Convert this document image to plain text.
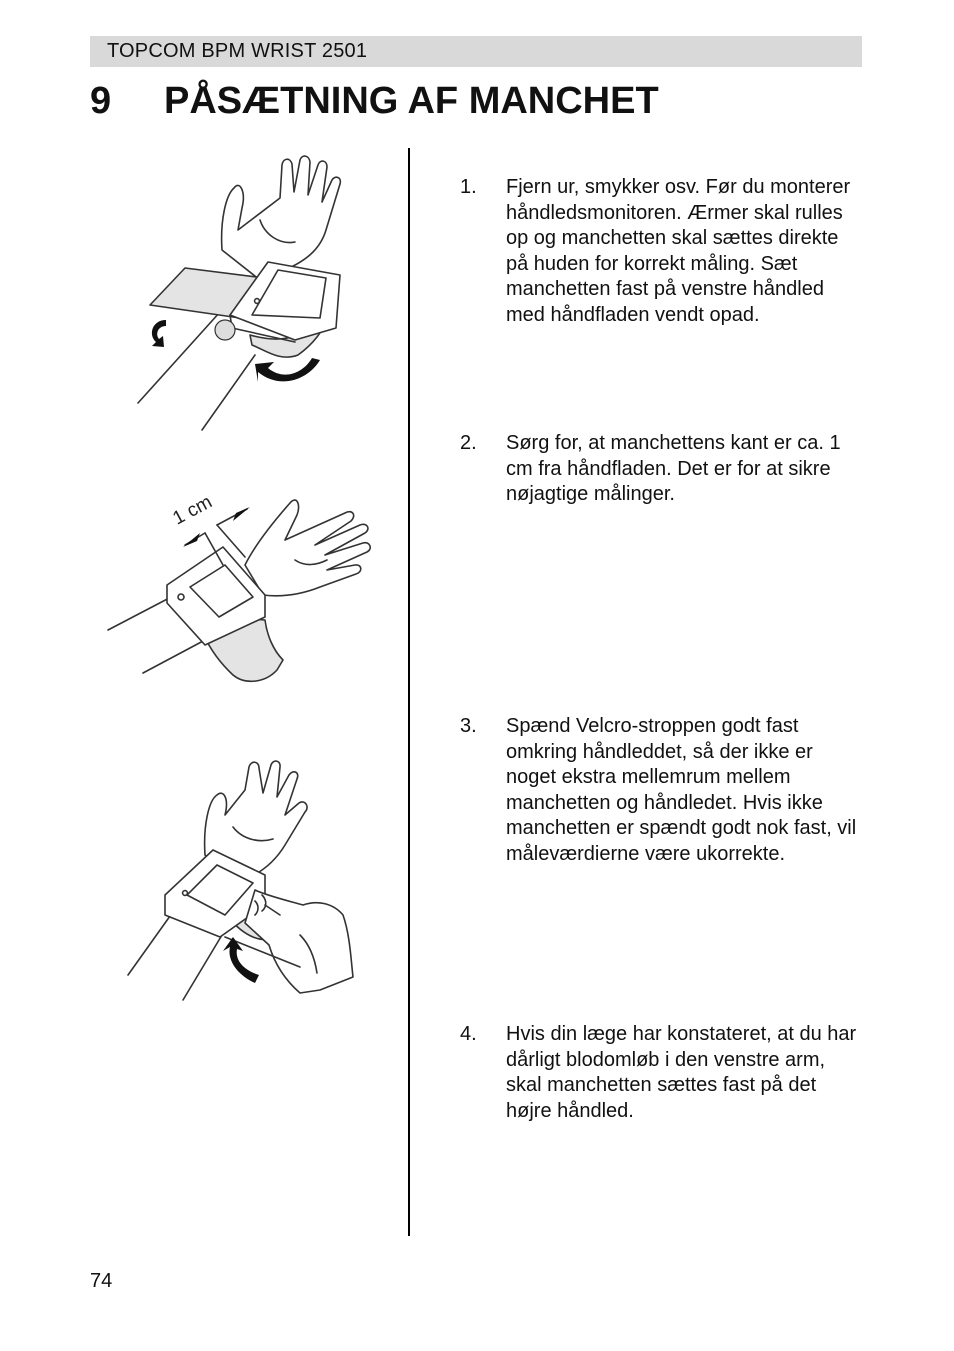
TOPCOM BPM WRIST 2501
9 PÅSÆTNING AF MANCHET
1 cm
1. Fjern ur, smykker osv. Før du monterer håndledsmonitoren. Ærmer skal rulles op og manchetten skal sættes direkte på huden for korrekt måling. Sæt manchetten fast på venstre håndled med håndfladen vendt opad.
2. Sørg for, at manchettens kant er ca. 1 cm fra håndfladen. Det er for at sikre nøjagtige målinger.
3. Spænd Velcro-stroppen godt fast omkring håndleddet, så der ikke er noget ekstra mellemrum mellem manchetten og håndledet. Hvis ikke manchetten er spændt godt nok fast, vil måleværdierne være ukorrekte.
4. Hvis din læge har konstateret, at du har dårligt blodomløb i den venstre arm, skal manchetten sættes fast på det højre håndled.
74
